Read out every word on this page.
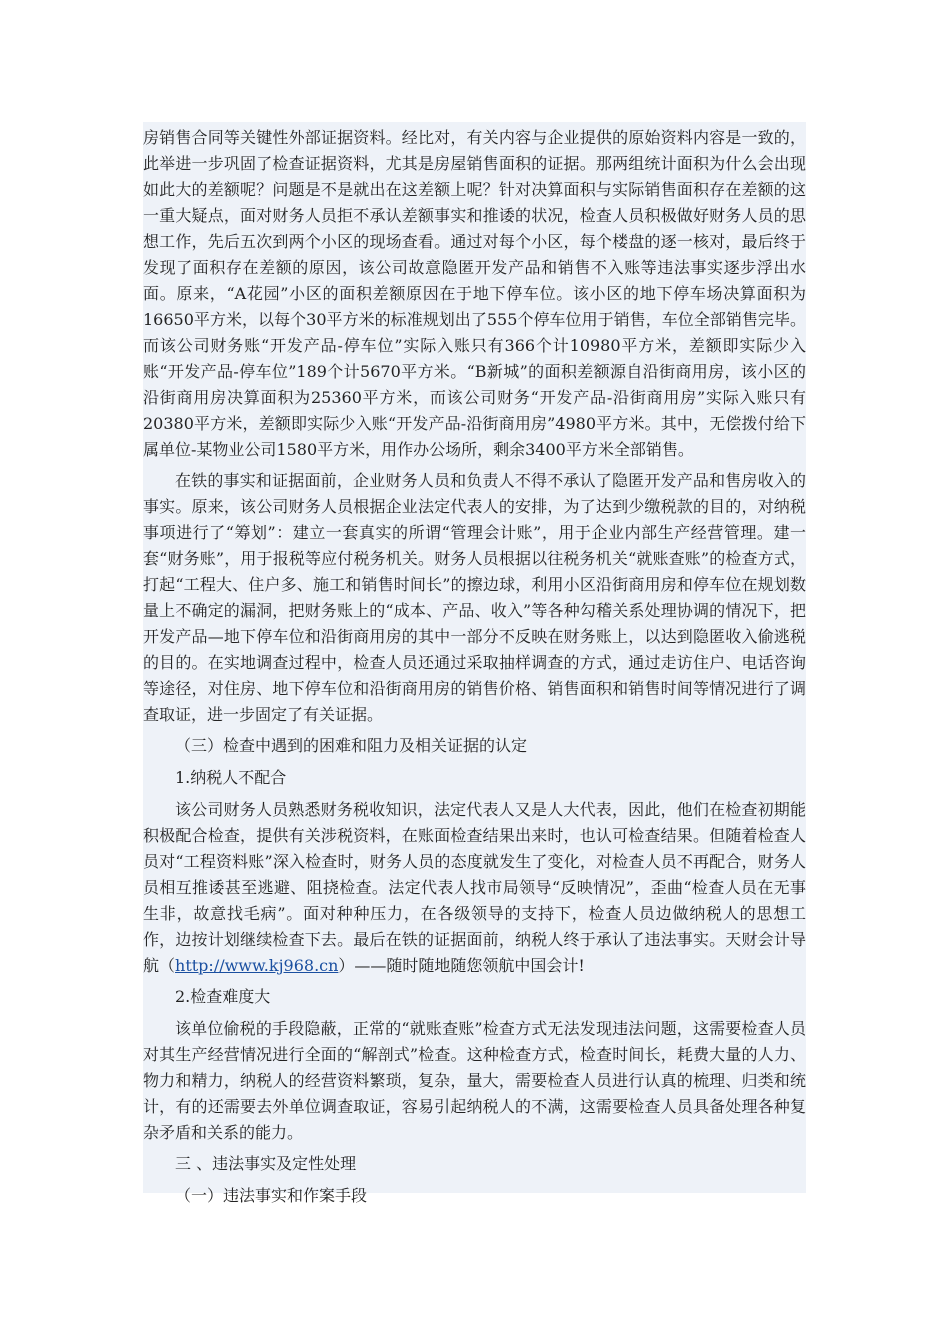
房销售合同等关键性外部证据资料。经比对，有关内容与企业提供的原始资料内容是一致的，此举进一步巩固了检查证据资料，尤其是房屋销售面积的证据。那两组统计面积为什么会出现如此大的差额呢？问题是不是就出在这差额上呢？针对决算面积与实际销售面积存在差额的这一重大疑点，面对财务人员拒不承认差额事实和推诿的状况，检查人员积极做好财务人员的思想工作，先后五次到两个小区的现场查看。通过对每个小区，每个楼盘的逐一核对，最后终于发现了面积存在差额的原因，该公司故意隐匿开发产品和销售不入账等违法事实逐步浮出水面。原来，“A花园”小区的面积差额原因在于地下停车位。该小区的地下停车场决算面积为16650平方米，以每个30平方米的标准规划出了555个停车位用于销售，车位全部销售完毕。而该公司财务账“开发产品-停车位”实际入账只有366个计10980平方米，差额即实际少入账“开发产品-停车位”189个计5670平方米。“B新城”的面积差额源自沿街商用房，该小区的沿街商用房决算面积为25360平方米，而该公司财务“开发产品-沿街商用房”实际入账只有20380平方米，差额即实际少入账“开发产品-沿街商用房”4980平方米。其中，无偿拨付给下属单位-某物业公司1580平方米，用作办公场所，剩余3400平方米全部销售。

在铁的事实和证据面前，企业财务人员和负责人不得不承认了隐匿开发产品和售房收入的事实。原来，该公司财务人员根据企业法定代表人的安排，为了达到少缴税款的目的，对纳税事项进行了“筹划”：建立一套真实的所谓“管理会计账”，用于企业内部生产经营管理。建一套“财务账”，用于报税等应付税务机关。财务人员根据以往税务机关“就账查账”的检查方式，打起“工程大、住户多、施工和销售时间长”的擦边球，利用小区沿街商用房和停车位在规划数量上不确定的漏洞，把财务账上的“成本、产品、收入”等各种勾稽关系处理协调的情况下，把开发产品—地下停车位和沿街商用房的其中一部分不反映在财务账上，以达到隐匿收入偷逃税的目的。在实地调查过程中，检查人员还通过采取抽样调查的方式，通过走访住户、电话咨询等途径，对住房、地下停车位和沿街商用房的销售价格、销售面积和销售时间等情况进行了调查取证，进一步固定了有关证据。

（三）检查中遇到的困难和阻力及相关证据的认定

1.纳税人不配合

该公司财务人员熟悉财务税收知识，法定代表人又是人大代表，因此，他们在检查初期能积极配合检查，提供有关涉税资料，在账面检查结果出来时，也认可检查结果。但随着检查人员对“工程资料账”深入检查时，财务人员的态度就发生了变化，对检查人员不再配合，财务人员相互推诿甚至逃避、阻挠检查。法定代表人找市局领导“反映情况”，歪曲“检查人员在无事生非，故意找毛病”。面对种种压力，在各级领导的支持下，检查人员边做纳税人的思想工作，边按计划继续检查下去。最后在铁的证据面前，纳税人终于承认了违法事实。天财会计导航（http://www.kj968.cn）——随时随地随您领航中国会计!

2.检查难度大

该单位偷税的手段隐蔽，正常的“就账查账”检查方式无法发现违法问题，这需要检查人员对其生产经营情况进行全面的“解剖式”检查。这种检查方式，检查时间长，耗费大量的人力、物力和精力，纳税人的经营资料繁琐，复杂，量大，需要检查人员进行认真的梳理、归类和统计，有的还需要去外单位调查取证，容易引起纳税人的不满，这需要检查人员具备处理各种复杂矛盾和关系的能力。

三 、违法事实及定性处理

（一）违法事实和作案手段
